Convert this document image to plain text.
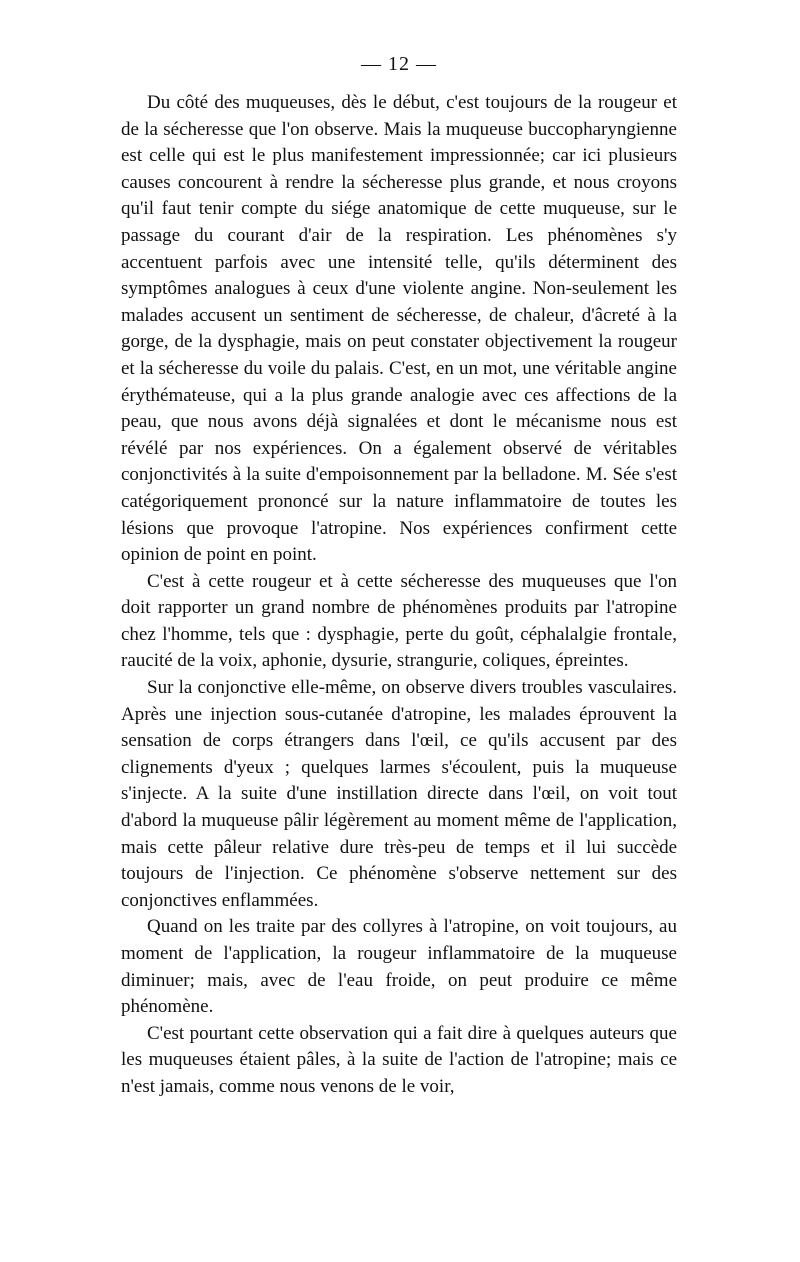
— 12 —

Du côté des muqueuses, dès le début, c'est toujours de la rougeur et de la sécheresse que l'on observe. Mais la muqueuse buccopharyngienne est celle qui est le plus manifestement impressionnée; car ici plusieurs causes concourent à rendre la sécheresse plus grande, et nous croyons qu'il faut tenir compte du siége anatomique de cette muqueuse, sur le passage du courant d'air de la respiration. Les phénomènes s'y accentuent parfois avec une intensité telle, qu'ils déterminent des symptômes analogues à ceux d'une violente angine. Non-seulement les malades accusent un sentiment de sécheresse, de chaleur, d'âcreté à la gorge, de la dysphagie, mais on peut constater objectivement la rougeur et la sécheresse du voile du palais. C'est, en un mot, une véritable angine érythémateuse, qui a la plus grande analogie avec ces affections de la peau, que nous avons déjà signalées et dont le mécanisme nous est révélé par nos expériences. On a également observé de véritables conjonctivités à la suite d'empoisonnement par la belladone. M. Sée s'est catégoriquement prononcé sur la nature inflammatoire de toutes les lésions que provoque l'atropine. Nos expériences confirment cette opinion de point en point.

C'est à cette rougeur et à cette sécheresse des muqueuses que l'on doit rapporter un grand nombre de phénomènes produits par l'atropine chez l'homme, tels que : dysphagie, perte du goût, céphalalgie frontale, raucité de la voix, aphonie, dysurie, strangurie, coliques, épreintes.

Sur la conjonctive elle-même, on observe divers troubles vasculaires. Après une injection sous-cutanée d'atropine, les malades éprouvent la sensation de corps étrangers dans l'œil, ce qu'ils accusent par des clignements d'yeux ; quelques larmes s'écoulent, puis la muqueuse s'injecte. A la suite d'une instillation directe dans l'œil, on voit tout d'abord la muqueuse pâlir légèrement au moment même de l'application, mais cette pâleur relative dure très-peu de temps et il lui succède toujours de l'injection. Ce phénomène s'observe nettement sur des conjonctives enflammées.

Quand on les traite par des collyres à l'atropine, on voit toujours, au moment de l'application, la rougeur inflammatoire de la muqueuse diminuer; mais, avec de l'eau froide, on peut produire ce même phénomène.

C'est pourtant cette observation qui a fait dire à quelques auteurs que les muqueuses étaient pâles, à la suite de l'action de l'atropine; mais ce n'est jamais, comme nous venons de le voir,
